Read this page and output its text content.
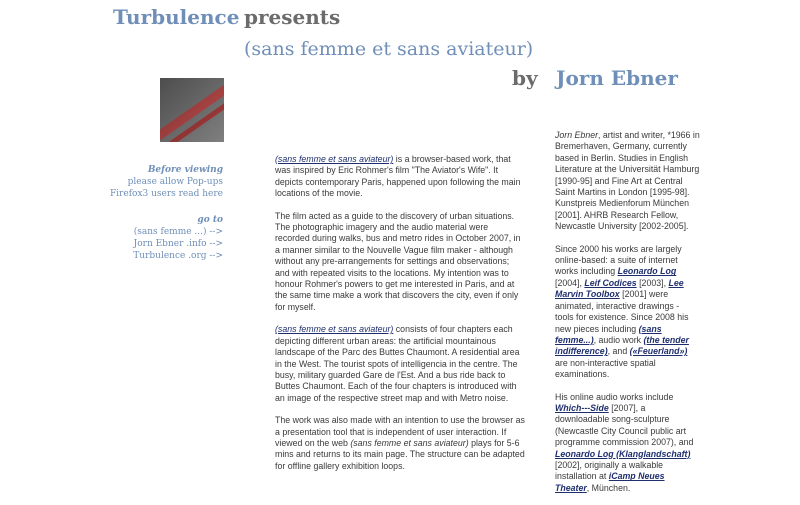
Turbulence presents
(sans femme et sans aviateur)
by Jorn Ebner
Before viewing
please allow Pop-ups
Firefox3 users read here
go to
(sans femme ...) -->
Jorn Ebner .info -->
Turbulence .org -->

(sans femme et sans aviateur) is a browser-based work, that was inspired by Eric Rohmer's film "The Aviator's Wife". It depicts contemporary Paris, happened upon following the main locations of the movie.

The film acted as a guide to the discovery of urban situations. The photographic imagery and the audio material were recorded during walks, bus and metro rides in October 2007, in a manner similar to the Nouvelle Vague film maker - although without any pre-arrangements for settings and observations; and with repeated visits to the locations. My intention was to honour Rohmer's powers to get me interested in Paris, and at the same time make a work that discovers the city, even if only for myself.

(sans femme et sans aviateur) consists of four chapters each depicting different urban areas: the artificial mountainous landscape of the Parc des Buttes Chaumont. A residential area in the West. The tourist spots of intelligencia in the centre. The busy, military guarded Gare de l'Est. And a bus ride back to Buttes Chaumont. Each of the four chapters is introduced with an image of the respective street map and with Metro noise.

The work was also made with an intention to use the browser as a presentation tool that is independent of user interaction. If viewed on the web (sans femme et sans aviateur) plays for 5-6 mins and returns to its main page. The structure can be adapted for offline gallery exhibition loops.

Jorn Ebner, artist and writer, *1966 in Bremerhaven, Germany, currently based in Berlin. Studies in English Literature at the Universität Hamburg [1990-95] and Fine Art at Central Saint Martins in London [1995-98]. Kunstpreis Medienforum München [2001]. AHRB Research Fellow, Newcastle University [2002-2005].

Since 2000 his works are largely online-based: a suite of internet works including Leonardo Log [2004], Leif Codices [2003], Lee Marvin Toolbox [2001] were animated, interactive drawings - tools for existence. Since 2008 his new pieces including (sans femme...), audio work (the tender indifference), and («Feuerland») are non-interactive spatial examinations.

His online audio works include Which---Side [2007], a downloadable song-sculpture (Newcastle City Council public art programme commission 2007), and Leonardo Log (Klanglandschaft) [2002], originally a walkable installation at iCamp Neues Theater, München.
